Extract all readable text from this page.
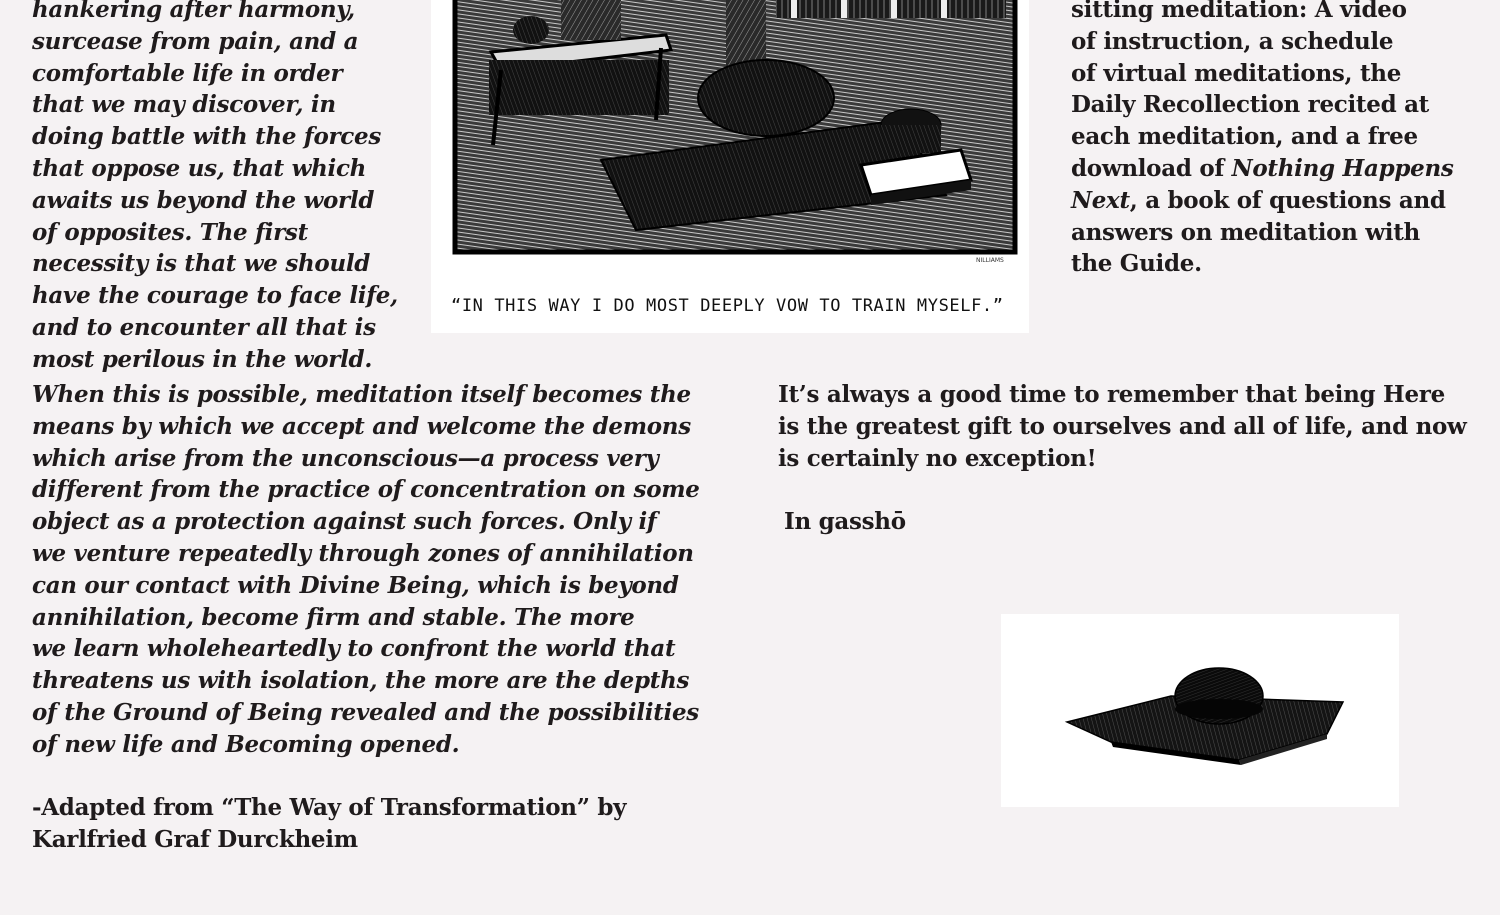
hankering after harmony,
surcease from pain, and a
comfortable life in order
that we may discover, in
doing battle with the forces
that oppose us, that which
awaits us beyond the world
of opposites. The first
necessity is that we should
have the courage to face life,
and to encounter all that is
most perilous in the world.
NILLIAMS
“IN THIS WAY I DO MOST DEEPLY VOW TO TRAIN MYSELF.”
sitting meditation: A video
of instruction, a schedule
of virtual meditations, the
Daily Recollection recited at
each meditation, and a free
download of Nothing Happens
Next, a book of questions and
answers on meditation with
the Guide.
When this is possible, meditation itself becomes the
means by which we accept and welcome the demons
which arise from the unconscious—a process very
different from the practice of concentration on some
object as a protection against such forces. Only if
we venture repeatedly through zones of annihilation
can our contact with Divine Being, which is beyond
annihilation, become firm and stable. The more
we learn wholeheartedly to confront the world that
threatens us with isolation, the more are the depths
of the Ground of Being revealed and the possibilities
of new life and Becoming opened.
-Adapted from “The Way of Transformation” by
Karlfried Graf Durckheim
It’s always a good time to remember that being Here
is the greatest gift to ourselves and all of life, and now
is certainly no exception!
In gasshō
